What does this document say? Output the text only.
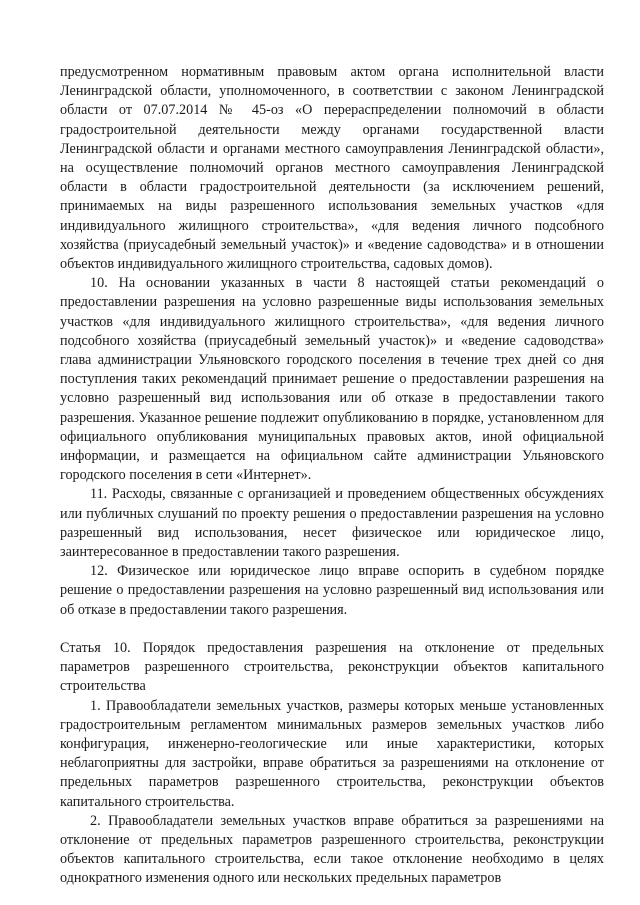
предусмотренном нормативным правовым актом органа исполнительной власти Ленинградской области, уполномоченного, в соответствии с законом Ленинградской области от 07.07.2014 № 45-оз «О перераспределении полномочий в области градостроительной деятельности между органами государственной власти Ленинградской области и органами местного самоуправления Ленинградской области», на осуществление полномочий органов местного самоуправления Ленинградской области в области градостроительной деятельности (за исключением решений, принимаемых на виды разрешенного использования земельных участков «для индивидуального жилищного строительства», «для ведения личного подсобного хозяйства (приусадебный земельный участок)» и «ведение садоводства» и в отношении объектов индивидуального жилищного строительства, садовых домов).

10. На основании указанных в части 8 настоящей статьи рекомендаций о предоставлении разрешения на условно разрешенные виды использования земельных участков «для индивидуального жилищного строительства», «для ведения личного подсобного хозяйства (приусадебный земельный участок)» и «ведение садоводства» глава администрации Ульяновского городского поселения в течение трех дней со дня поступления таких рекомендаций принимает решение о предоставлении разрешения на условно разрешенный вид использования или об отказе в предоставлении такого разрешения. Указанное решение подлежит опубликованию в порядке, установленном для официального опубликования муниципальных правовых актов, иной официальной информации, и размещается на официальном сайте администрации Ульяновского городского поселения в сети «Интернет».

11. Расходы, связанные с организацией и проведением общественных обсуждениях или публичных слушаний по проекту решения о предоставлении разрешения на условно разрешенный вид использования, несет физическое или юридическое лицо, заинтересованное в предоставлении такого разрешения.

12. Физическое или юридическое лицо вправе оспорить в судебном порядке решение о предоставлении разрешения на условно разрешенный вид использования или об отказе в предоставлении такого разрешения.

Статья 10. Порядок предоставления разрешения на отклонение от предельных параметров разрешенного строительства, реконструкции объектов капитального строительства

1. Правообладатели земельных участков, размеры которых меньше установленных градостроительным регламентом минимальных размеров земельных участков либо конфигурация, инженерно-геологические или иные характеристики, которых неблагоприятны для застройки, вправе обратиться за разрешениями на отклонение от предельных параметров разрешенного строительства, реконструкции объектов капитального строительства.

2. Правообладатели земельных участков вправе обратиться за разрешениями на отклонение от предельных параметров разрешенного строительства, реконструкции объектов капитального строительства, если такое отклонение необходимо в целях однократного изменения одного или нескольких предельных параметров
